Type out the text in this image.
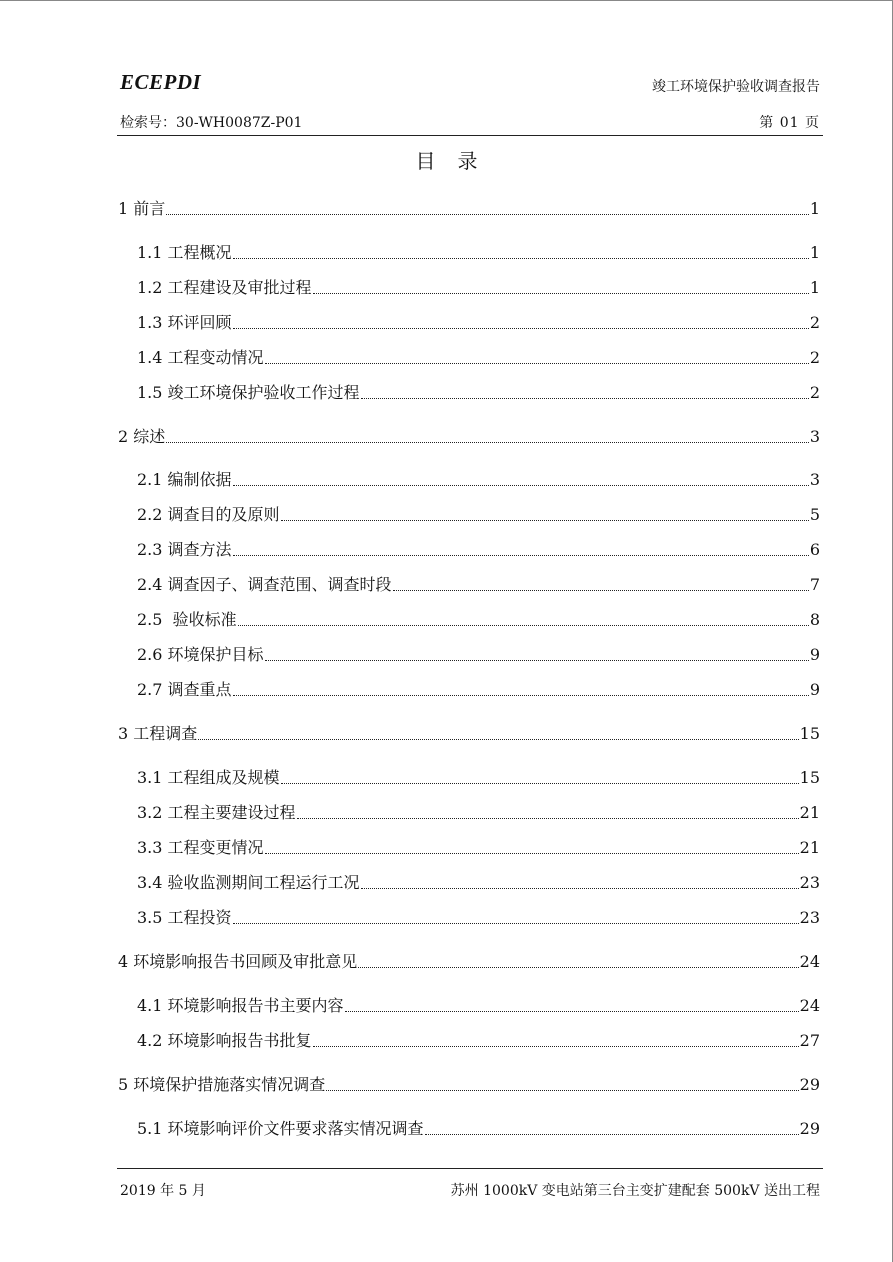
ECEPDI	竣工环境保护验收调查报告
检索号：30-WH0087Z-P01	第 01 页
目录
1 前言	1
1.1 工程概况	1
1.2 工程建设及审批过程	1
1.3 环评回顾	2
1.4 工程变动情况	2
1.5 竣工环境保护验收工作过程	2
2 综述	3
2.1 编制依据	3
2.2 调查目的及原则	5
2.3 调查方法	6
2.4 调查因子、调查范围、调查时段	7
2.5  验收标准	8
2.6 环境保护目标	9
2.7 调查重点	9
3 工程调查	15
3.1 工程组成及规模	15
3.2 工程主要建设过程	21
3.3 工程变更情况	21
3.4 验收监测期间工程运行工况	23
3.5 工程投资	23
4 环境影响报告书回顾及审批意见	24
4.1 环境影响报告书主要内容	24
4.2 环境影响报告书批复	27
5 环境保护措施落实情况调查	29
5.1 环境影响评价文件要求落实情况调查	29
2019 年 5 月	苏州 1000kV 变电站第三台主变扩建配套 500kV 送出工程
